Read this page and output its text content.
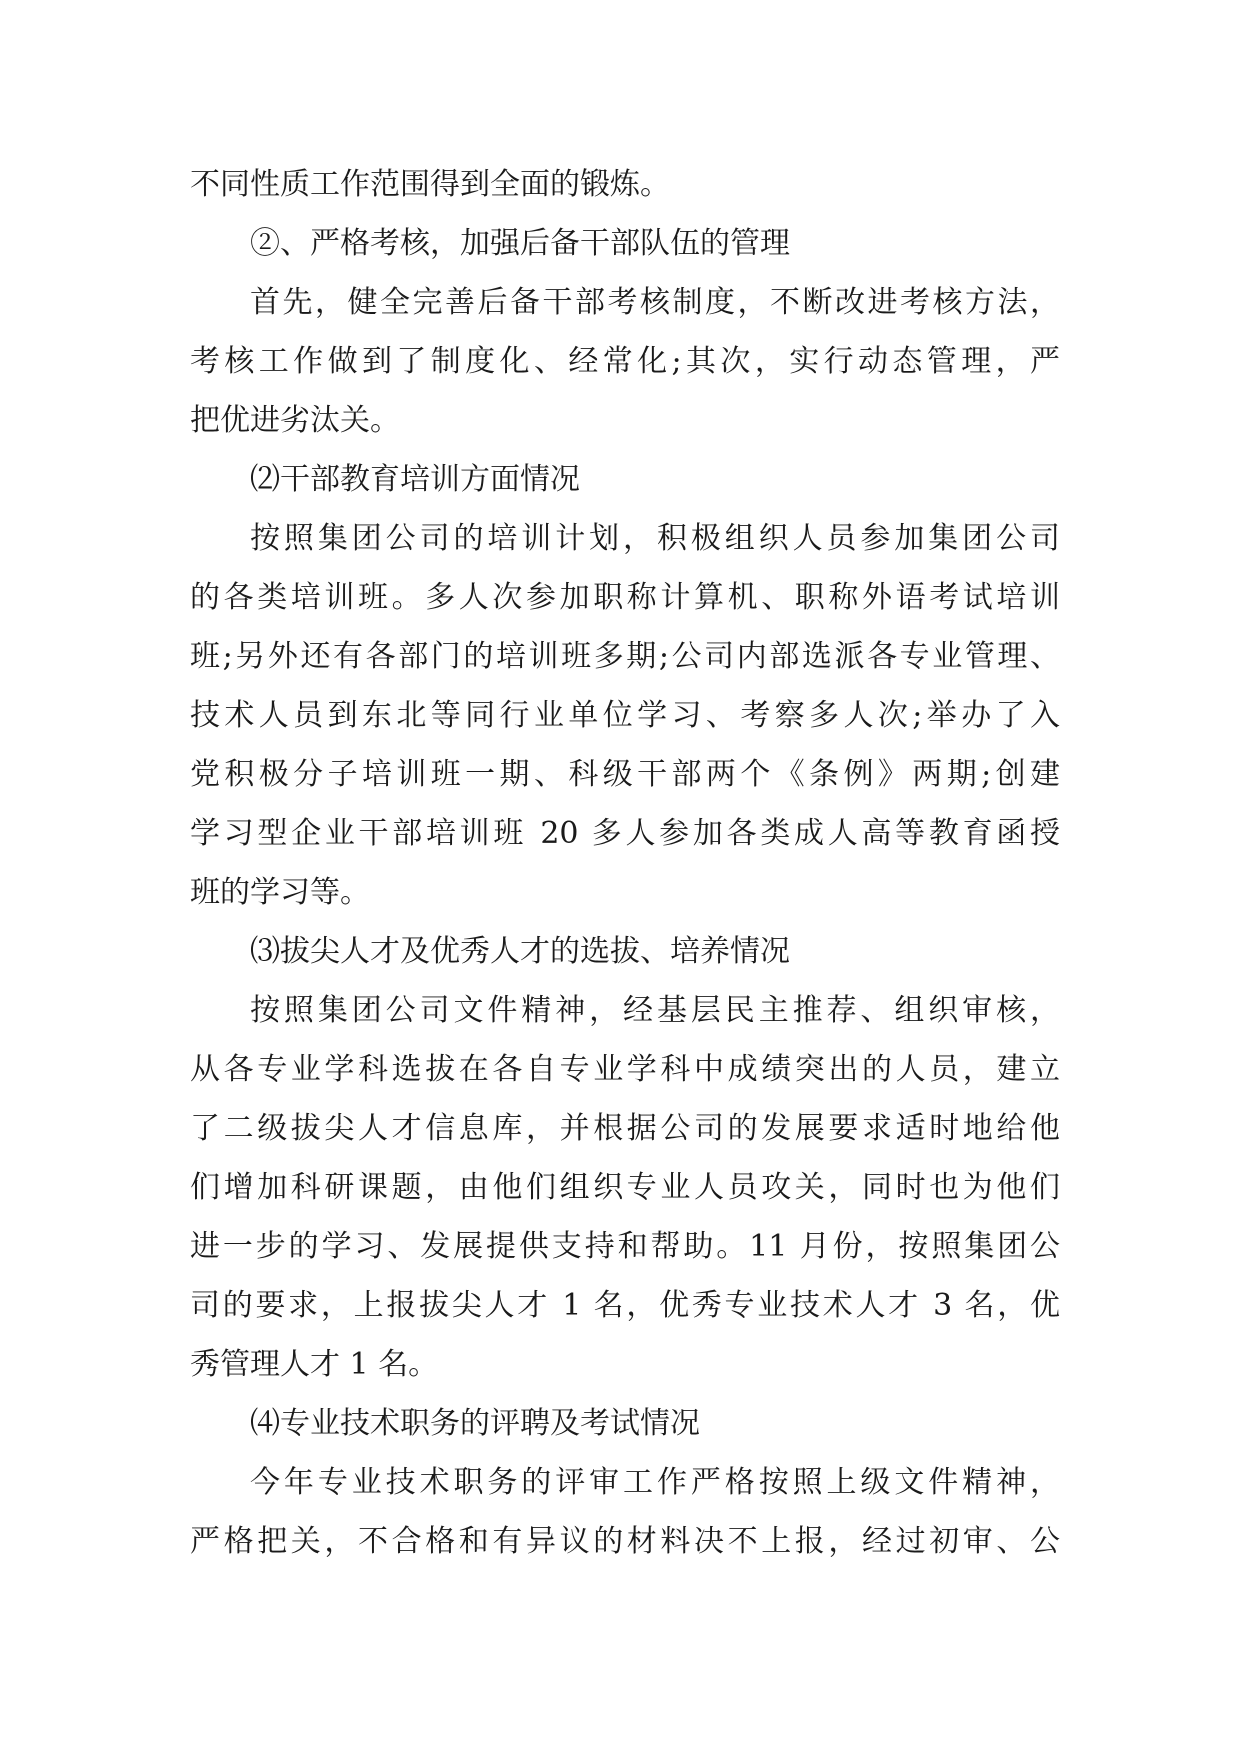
不同性质工作范围得到全面的锻炼。
②、严格考核，加强后备干部队伍的管理
首先，健全完善后备干部考核制度，不断改进考核方法，
考核工作做到了制度化、经常化;其次，实行动态管理，严
把优进劣汰关。
⑵干部教育培训方面情况
按照集团公司的培训计划，积极组织人员参加集团公司
的各类培训班。多人次参加职称计算机、职称外语考试培训
班;另外还有各部门的培训班多期;公司内部选派各专业管理、
技术人员到东北等同行业单位学习、考察多人次;举办了入
党积极分子培训班一期、科级干部两个《条例》两期;创建
学习型企业干部培训班 20 多人参加各类成人高等教育函授
班的学习等。
⑶拔尖人才及优秀人才的选拔、培养情况
按照集团公司文件精神，经基层民主推荐、组织审核，
从各专业学科选拔在各自专业学科中成绩突出的人员，建立
了二级拔尖人才信息库，并根据公司的发展要求适时地给他
们增加科研课题，由他们组织专业人员攻关，同时也为他们
进一步的学习、发展提供支持和帮助。11 月份，按照集团公
司的要求，上报拔尖人才 1 名，优秀专业技术人才 3 名，优
秀管理人才 1 名。
⑷专业技术职务的评聘及考试情况
今年专业技术职务的评审工作严格按照上级文件精神，
严格把关，不合格和有异议的材料决不上报，经过初审、公
